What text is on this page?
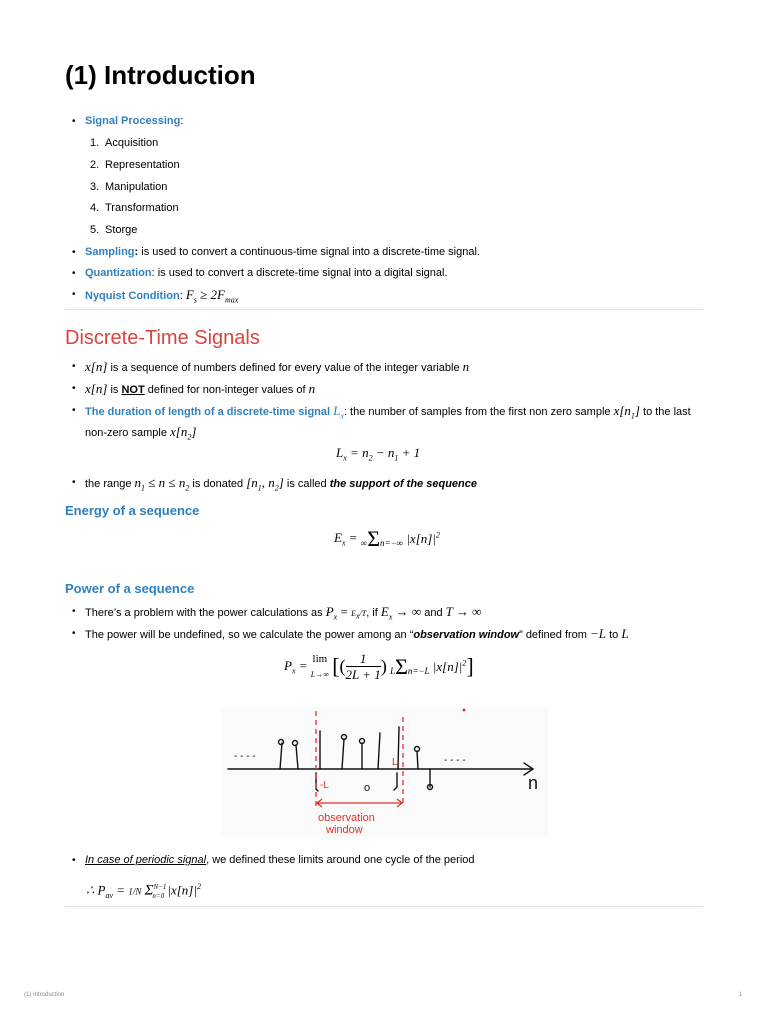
(1) Introduction
• Signal Processing:
1. Acquisition
2. Representation
3. Manipulation
4. Transformation
5. Storge
• Sampling: is used to convert a continuous-time signal into a discrete-time signal.
• Quantization: is used to convert a discrete-time signal into a digital signal.
• Nyquist Condition: $F_s \ge 2F_{max}$
Discrete-Time Signals
• x[n] is a sequence of numbers defined for every value of the integer variable n
• x[n] is NOT defined for non-integer values of n
• The duration of length of a discrete-time signal $L_x$: the number of samples from the first non zero sample $x[n_1]$ to the last
non-zero sample $x[n_2]$
$L_x = n_2 - n_1 + 1$
• the range $n_1 \le n \le n_2$ is donated [$n_1$, $n_2$] is called the support of the sequence
Energy of a sequence
$E_x = \infty\Sigma n=-\infty$ $|x[n]|^2$
Power of a sequence
• There’s a problem with the power calculations as $P_x = E_x/T$, if $E_x$ → ∞ and T → ∞
• The power will be undefined, so we calculate the power among an “observation window” defined from −L to L
$P_x = \lim$
L→∞ [( $\frac{1}{2L + 1}$ ) LΣn=−L $|x[n]|^2$]
- - - -	- - - -
o	n
-L
L
observation
window
• In case of periodic signal, we defined these limits around one cycle of the period
∴ $P_{av} = 1/N$ $\Sigma^{N-1}_{n=0}$ $|x[n]|^2$
(1) Introduction	1
